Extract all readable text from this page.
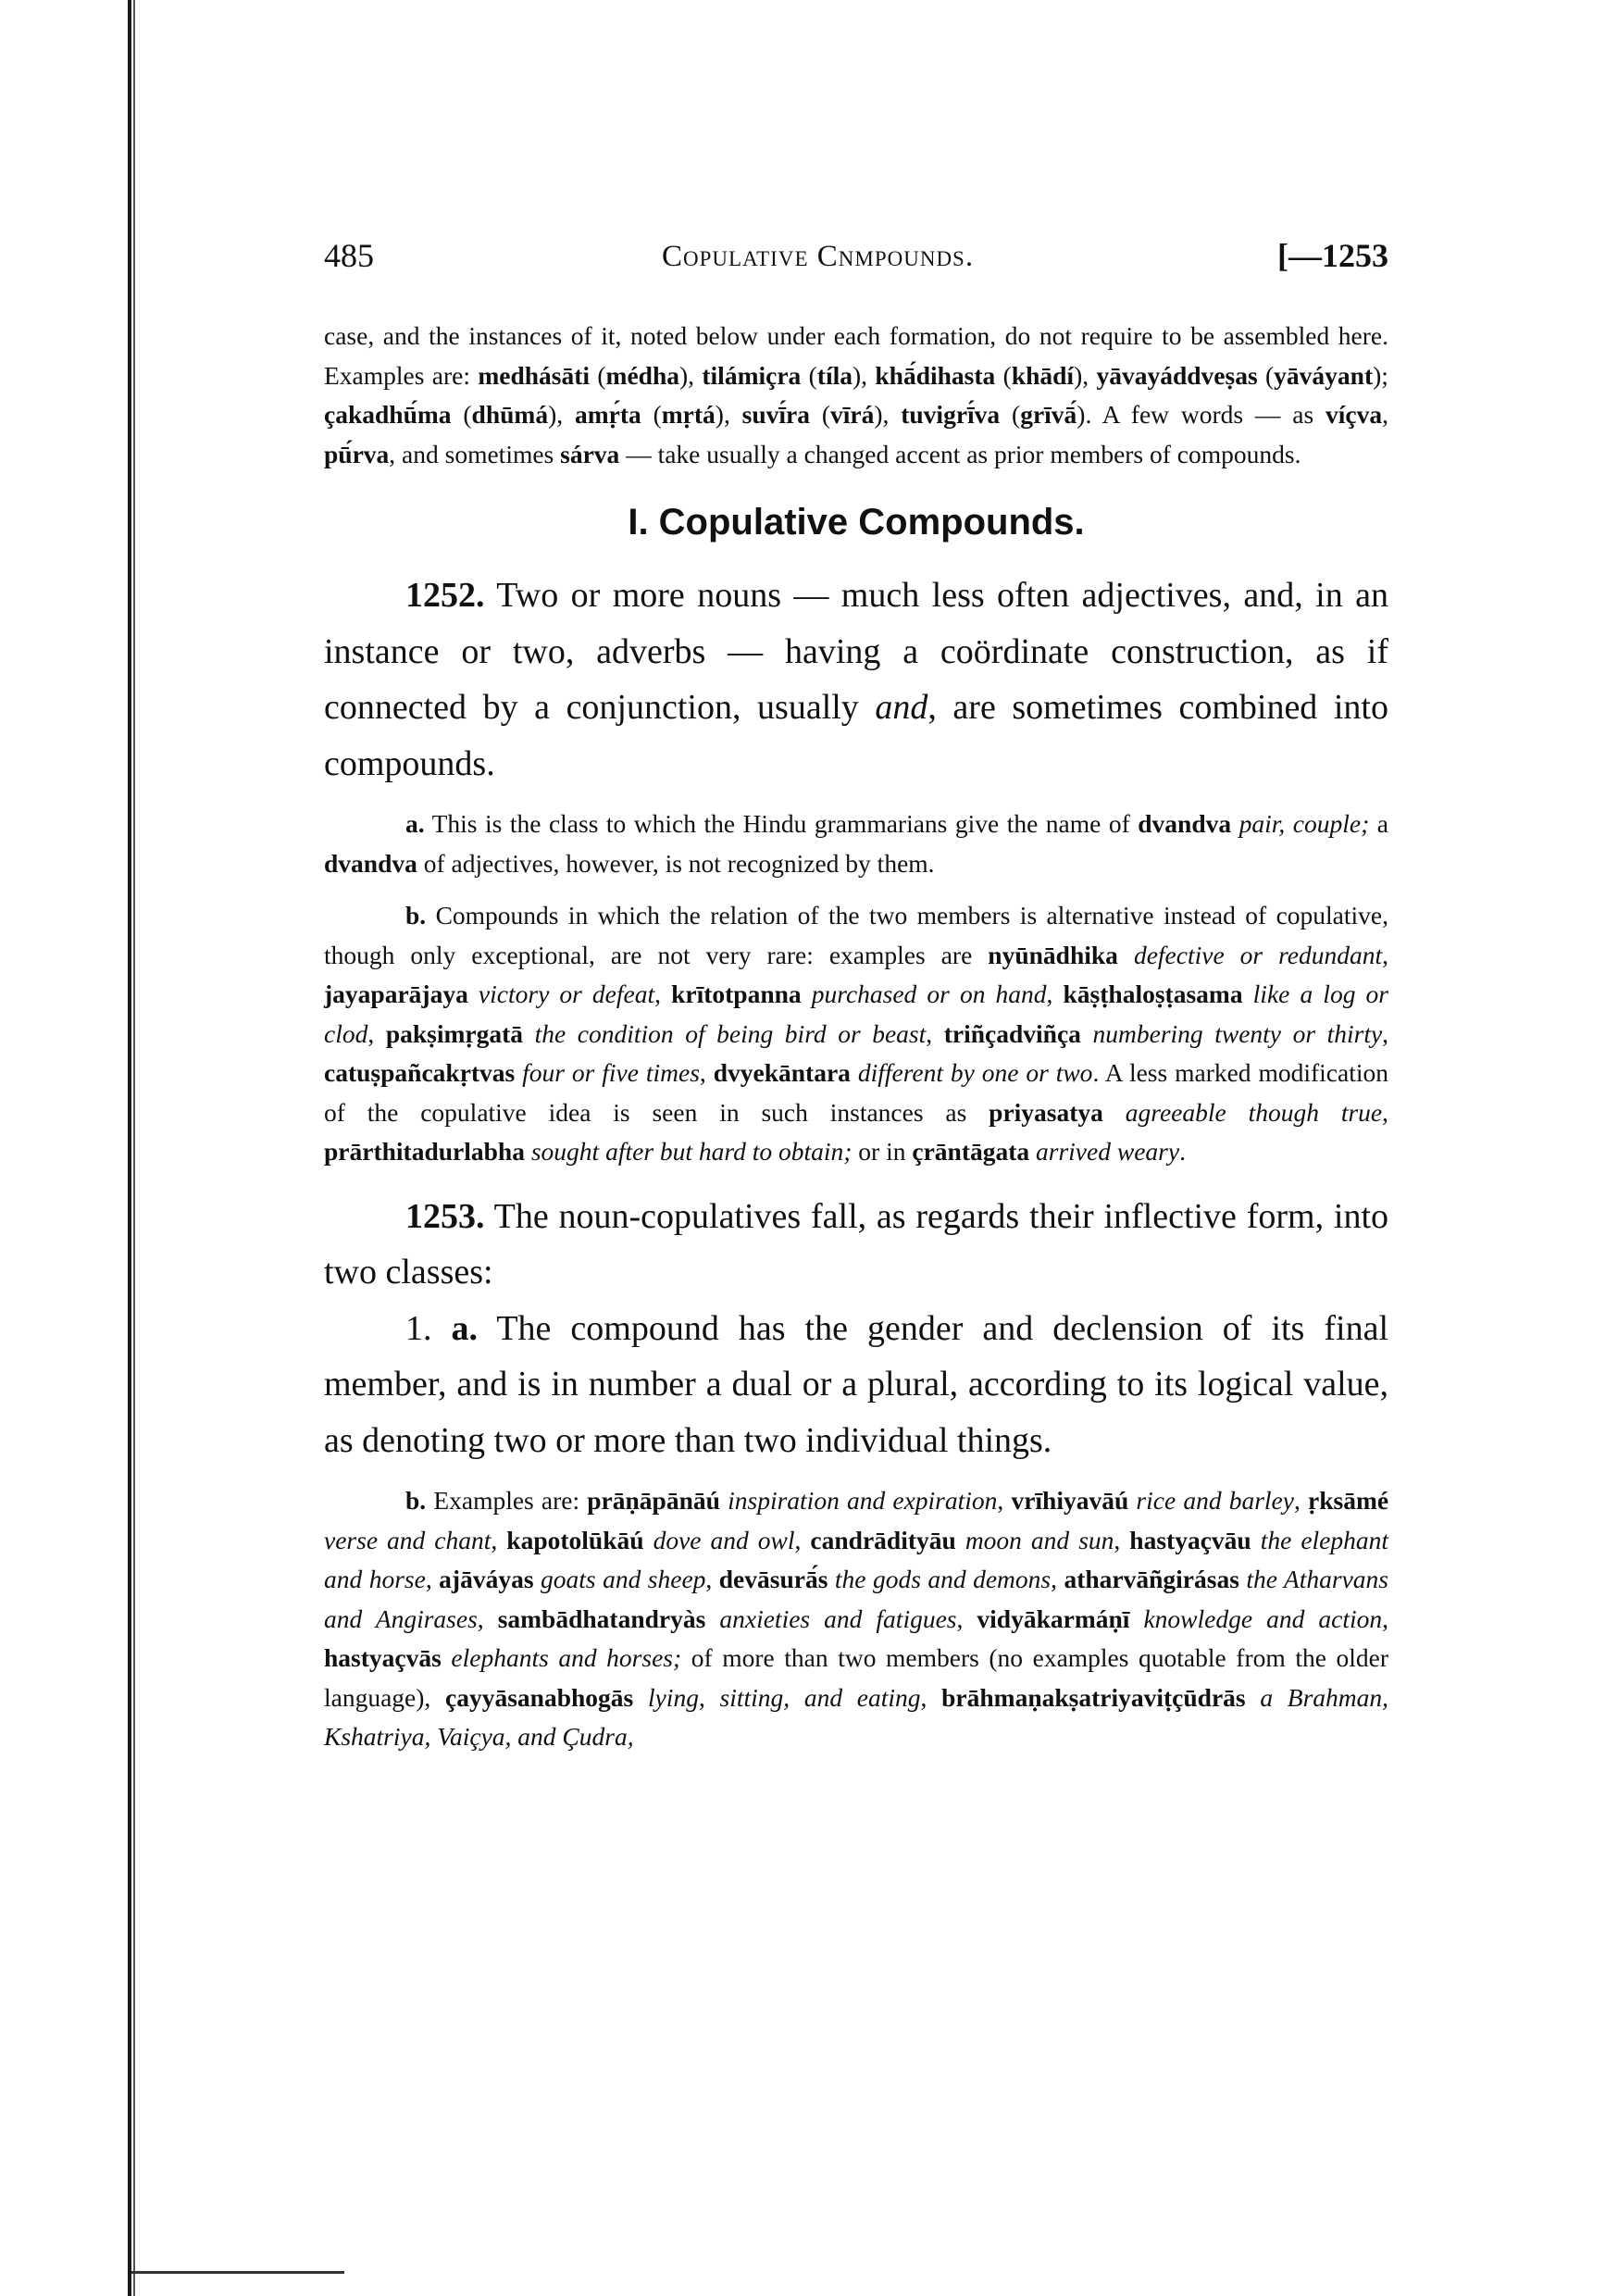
485	Copulative Cnmpounds.	[—1253

case, and the instances of it, noted below under each formation, do not require to be assembled here. Examples are: medhásāti (médha), tilámiçra (tíla), khā́dihasta (khādí), yāvayáddveṣas (yāváyant); çakadhū́ma (dhūmá), amṛ́ta (mṛtá), suvī́ra (vīrá), tuvigrī́va (grīvā́). A few words — as víçva, pū́rva, and sometimes sárva — take usually a changed accent as prior members of compounds.

I. Copulative Compounds.

1252. Two or more nouns — much less often adjectives, and, in an instance or two, adverbs — having a coördinate construction, as if connected by a conjunction, usually and, are sometimes combined into compounds.

a. This is the class to which the Hindu grammarians give the name of dvandva pair, couple; a dvandva of adjectives, however, is not recognized by them.

b. Compounds in which the relation of the two members is alternative instead of copulative, though only exceptional, are not very rare: examples are nyūnādhika defective or redundant, jayaparājaya victory or defeat, krītotpanna purchased or on hand, kāṣṭhaloṣṭasama like a log or clod, pakṣimṛgatā the condition of being bird or beast, triñçadviñça numbering twenty or thirty, catuṣpañcakṛtvas four or five times, dvyekāntara different by one or two. A less marked modification of the copulative idea is seen in such instances as priyasatya agreeable though true, prārthitadurlabha sought after but hard to obtain; or in çrāntāgata arrived weary.

1253. The noun-copulatives fall, as regards their inflective form, into two classes:

1. a. The compound has the gender and declension of its final member, and is in number a dual or a plural, according to its logical value, as denoting two or more than two individual things.

b. Examples are: prāṇāpānāú inspiration and expiration, vrīhiyavāú rice and barley, ṛksāmé verse and chant, kapotolūkāú dove and owl, candrādityāu moon and sun, hastyaçvāu the elephant and horse, ajāváyas goats and sheep, devāsurā́s the gods and demons, atharvāñgirásas the Atharvans and Angirases, sambādhatandryàs anxieties and fatigues, vidyākarmáṇī knowledge and action, hastyaçvās elephants and horses; of more than two members (no examples quotable from the older language), çayyāsanabhogās lying, sitting, and eating, brāhmaṇakṣatriyaviṭçūdrās a Brahman, Kshatriya, Vaiçya, and Çudra,
